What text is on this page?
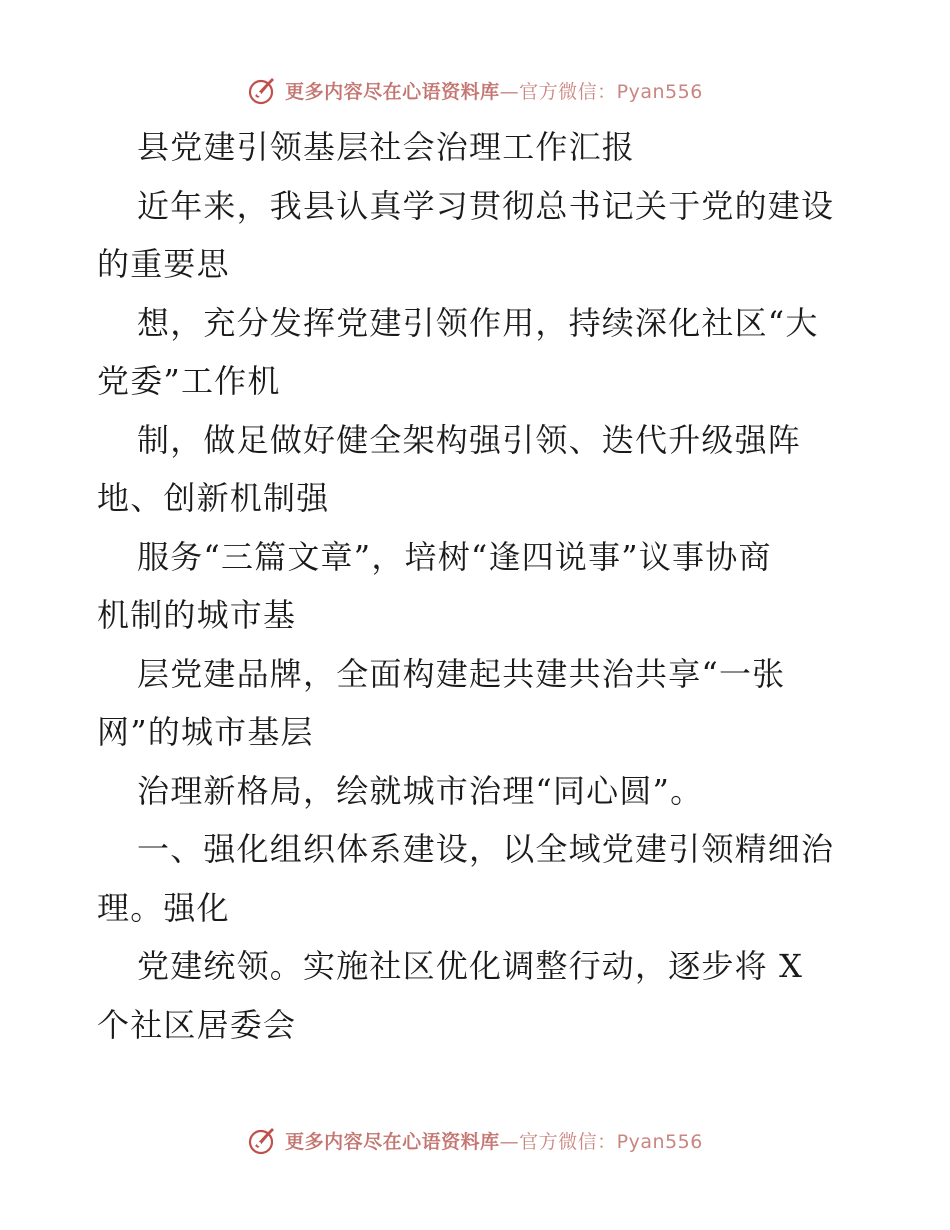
更多内容尽在心语资料库—官方微信：Pyan556
县党建引领基层社会治理工作汇报
近年来，我县认真学习贯彻总书记关于党的建设
的重要思
想，充分发挥党建引领作用，持续深化社区“大
党委”工作机
制，做足做好健全架构强引领、迭代升级强阵
地、创新机制强
服务“三篇文章”，培树“逢四说事”议事协商
机制的城市基
层党建品牌，全面构建起共建共治共享“一张
网”的城市基层
治理新格局，绘就城市治理“同心圆”。
一、强化组织体系建设，以全域党建引领精细治
理。强化
党建统领。实施社区优化调整行动，逐步将 X
个社区居委会
更多内容尽在心语资料库—官方微信：Pyan556
